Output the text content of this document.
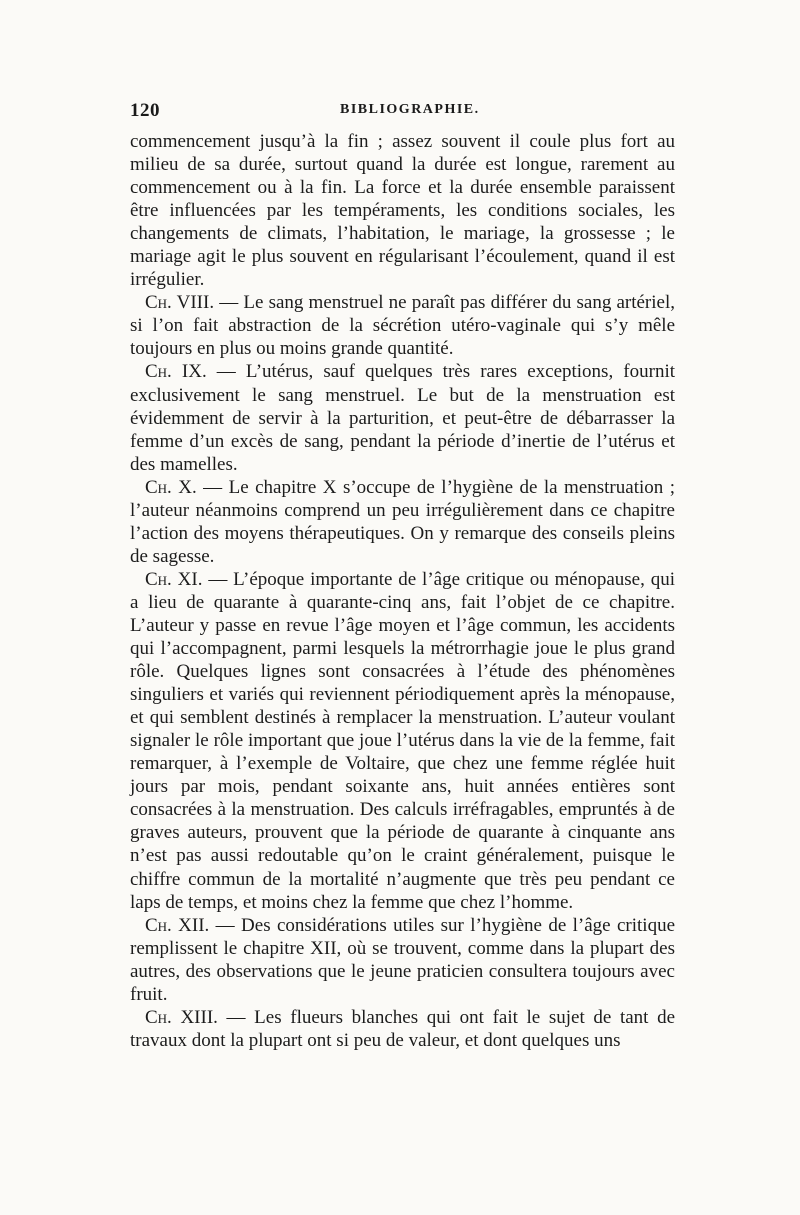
120	BIBLIOGRAPHIE.

commencement jusqu’à la fin ; assez souvent il coule plus fort au milieu de sa durée, surtout quand la durée est longue, rarement au commencement ou à la fin. La force et la durée ensemble paraissent être influencées par les tempéraments, les conditions sociales, les changements de climats, l’habitation, le mariage, la grossesse ; le mariage agit le plus souvent en régularisant l’écoulement, quand il est irrégulier.

Ch. VIII. — Le sang menstruel ne paraît pas différer du sang artériel, si l’on fait abstraction de la sécrétion utéro-vaginale qui s’y mêle toujours en plus ou moins grande quantité.

Ch. IX. — L’utérus, sauf quelques très rares exceptions, fournit exclusivement le sang menstruel. Le but de la menstruation est évidemment de servir à la parturition, et peut-être de débarrasser la femme d’un excès de sang, pendant la période d’inertie de l’utérus et des mamelles.

Ch. X. — Le chapitre X s’occupe de l’hygiène de la menstruation ; l’auteur néanmoins comprend un peu irrégulièrement dans ce chapitre l’action des moyens thérapeutiques. On y remarque des conseils pleins de sagesse.

Ch. XI. — L’époque importante de l’âge critique ou ménopause, qui a lieu de quarante à quarante-cinq ans, fait l’objet de ce chapitre. L’auteur y passe en revue l’âge moyen et l’âge commun, les accidents qui l’accompagnent, parmi lesquels la métrorrhagie joue le plus grand rôle. Quelques lignes sont consacrées à l’étude des phénomènes singuliers et variés qui reviennent périodiquement après la ménopause, et qui semblent destinés à remplacer la menstruation. L’auteur voulant signaler le rôle important que joue l’utérus dans la vie de la femme, fait remarquer, à l’exemple de Voltaire, que chez une femme réglée huit jours par mois, pendant soixante ans, huit années entières sont consacrées à la menstruation. Des calculs irréfragables, empruntés à de graves auteurs, prouvent que la période de quarante à cinquante ans n’est pas aussi redoutable qu’on le craint généralement, puisque le chiffre commun de la mortalité n’augmente que très peu pendant ce laps de temps, et moins chez la femme que chez l’homme.

Ch. XII. — Des considérations utiles sur l’hygiène de l’âge critique remplissent le chapitre XII, où se trouvent, comme dans la plupart des autres, des observations que le jeune praticien consultera toujours avec fruit.

Ch. XIII. — Les flueurs blanches qui ont fait le sujet de tant de travaux dont la plupart ont si peu de valeur, et dont quelques uns
